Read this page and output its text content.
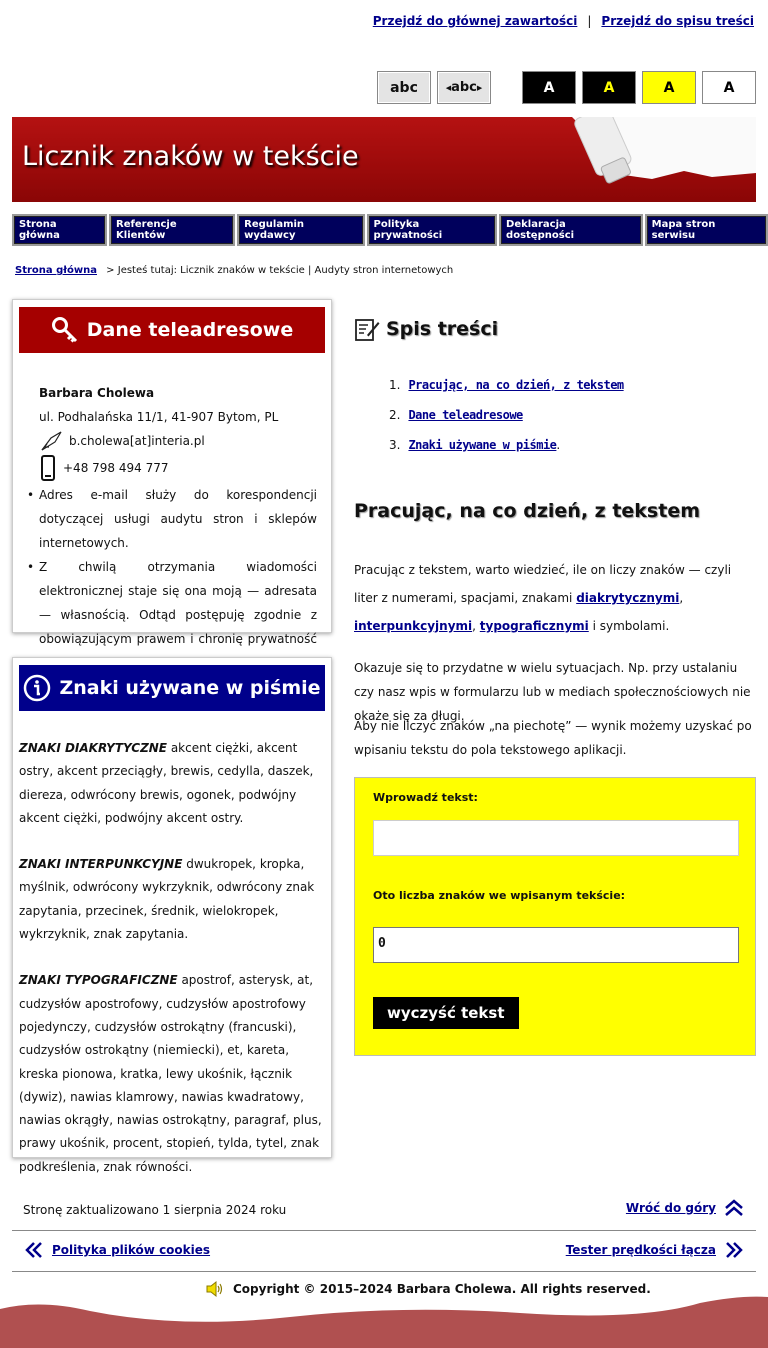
Przejdź do głównej zawartości | Przejdź do spisu treści
abc	◀ abc ▶	A	A	A	A
Licznik znaków w tekście
Strona główna
Referencje Klientów
Regulamin wydawcy
Polityka prywatności
Deklaracja dostępności
Mapa stron serwisu
Strona główna > Jesteś tutaj: Licznik znaków w tekście | Audyty stron internetowych
Dane teleadresowe
Barbara Cholewa
ul. Podhalańska 11/1, 41-907 Bytom, PL
b.cholewa[at]interia.pl
+48 798 494 777
• Adres e-mail służy do korespondencji dotyczącej usługi audytu stron i sklepów internetowych.
• Z chwilą otrzymania wiadomości elektronicznej staje się ona moją — adresata — własnością. Odtąd postępuję zgodnie z obowiązującym prawem i chronię prywatność
Znaki używane w piśmie

ZNAKI DIAKRYTYCZNE akcent ciężki, akcent ostry, akcent przeciągły, brewis, cedylla, daszek, diereza, odwrócony brewis, ogonek, podwójny akcent ciężki, podwójny akcent ostry.

ZNAKI INTERPUNKCYJNE dwukropek, kropka, myślnik, odwrócony wykrzyknik, odwrócony znak zapytania, przecinek, średnik, wielokropek, wykrzyknik, znak zapytania.

ZNAKI TYPOGRAFICZNE apostrof, asterysk, at, cudzysłów apostrofowy, cudzysłów apostrofowy pojedynczy, cudzysłów ostrokątny (francuski), cudzysłów ostrokątny (niemiecki), et, kareta, kreska pionowa, kratka, lewy ukośnik, łącznik (dywiz), nawias klamrowy, nawias kwadratowy, nawias okrągły, nawias ostrokątny, paragraf, plus, prawy ukośnik, procent, stopień, tylda, tytel, znak podkreślenia, znak równości.

Spis treści
1. Pracując, na co dzień, z tekstem
2. Dane teleadresowe
3. Znaki używane w piśmie.
Pracując, na co dzień, z tekstem
Pracując z tekstem, warto wiedzieć, ile on liczy znaków — czyli liter z numerami, spacjami, znakami diakrytycznymi, interpunkcyjnymi, typograficznymi i symbolami.
Okazuje się to przydatne w wielu sytuacjach. Np. przy ustalaniu czy nasz wpis w formularzu lub w mediach społecznościowych nie okaże się za długi.
Aby nie liczyć znaków „na piechotę” — wynik możemy uzyskać po wpisaniu tekstu do pola tekstowego aplikacji.
Wprowadź tekst:
Oto liczba znaków we wpisanym tekście:
0
wyczyść tekst
Stronę zaktualizowano 1 sierpnia 2024 roku	Wróć do góry
Polityka plików cookies	Tester prędkości łącza
Copyright © 2015–2024 Barbara Cholewa. All rights reserved.
